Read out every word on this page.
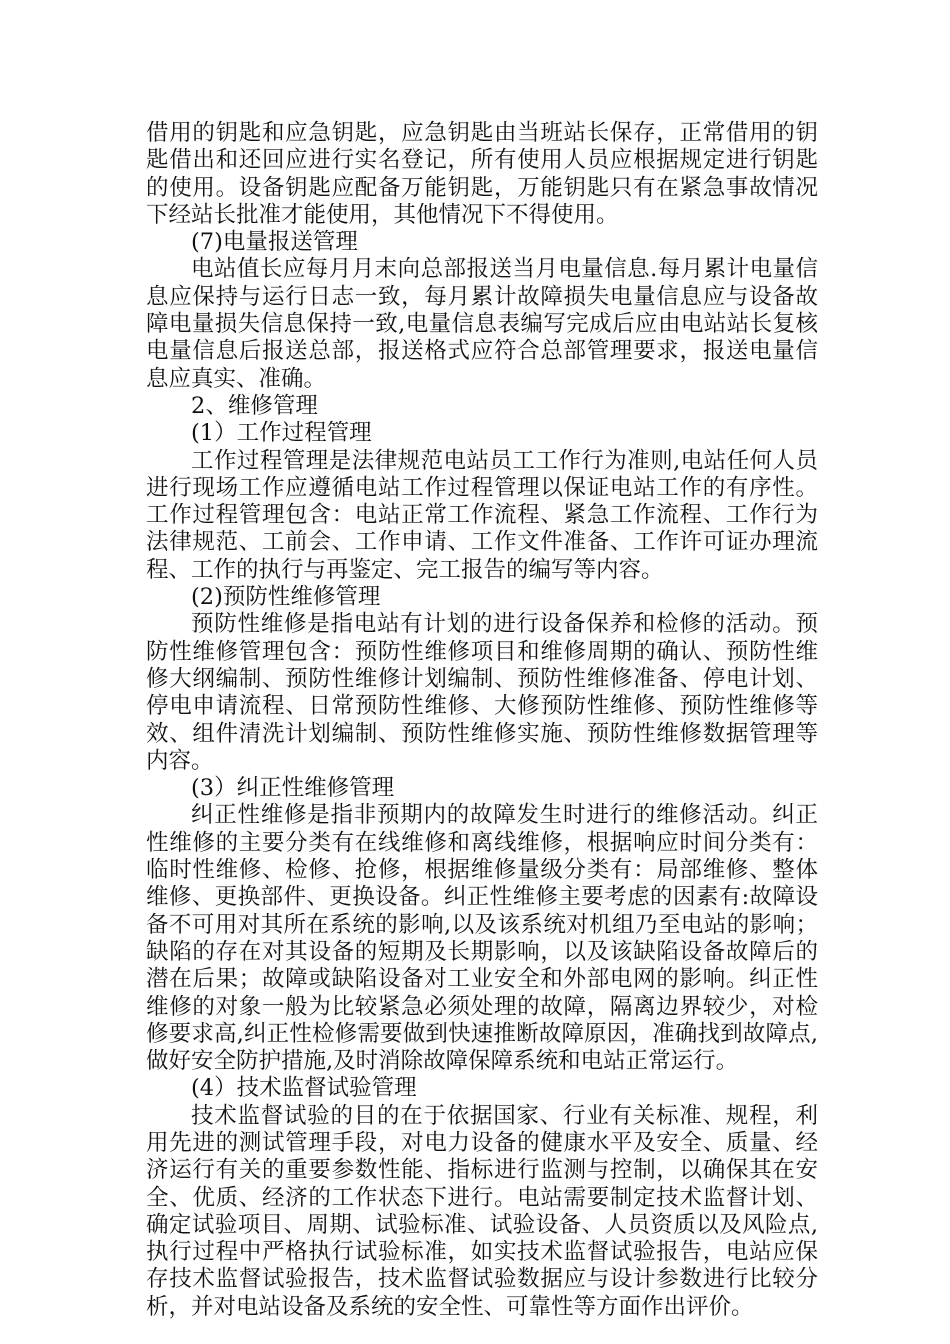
借用的钥匙和应急钥匙，应急钥匙由当班站长保存，正常借用的钥匙借出和还回应进行实名登记，所有使用人员应根据规定进行钥匙的使用。设备钥匙应配备万能钥匙，万能钥匙只有在紧急事故情况下经站长批准才能使用，其他情况下不得使用。

(7)电量报送管理

电站值长应每月月末向总部报送当月电量信息.每月累计电量信息应保持与运行日志一致，每月累计故障损失电量信息应与设备故障电量损失信息保持一致,电量信息表编写完成后应由电站站长复核电量信息后报送总部，报送格式应符合总部管理要求，报送电量信息应真实、准确。

2、维修管理

(1）工作过程管理

工作过程管理是法律规范电站员工工作行为准则,电站任何人员进行现场工作应遵循电站工作过程管理以保证电站工作的有序性。工作过程管理包含：电站正常工作流程、紧急工作流程、工作行为法律规范、工前会、工作申请、工作文件准备、工作许可证办理流程、工作的执行与再鉴定、完工报告的编写等内容。

(2)预防性维修管理

预防性维修是指电站有计划的进行设备保养和检修的活动。预防性维修管理包含：预防性维修项目和维修周期的确认、预防性维修大纲编制、预防性维修计划编制、预防性维修准备、停电计划、停电申请流程、日常预防性维修、大修预防性维修、预防性维修等效、组件清洗计划编制、预防性维修实施、预防性维修数据管理等内容。

(3）纠正性维修管理

纠正性维修是指非预期内的故障发生时进行的维修活动。纠正性维修的主要分类有在线维修和离线维修，根据响应时间分类有：临时性维修、检修、抢修，根据维修量级分类有：局部维修、整体维修、更换部件、更换设备。纠正性维修主要考虑的因素有:故障设备不可用对其所在系统的影响,以及该系统对机组乃至电站的影响；缺陷的存在对其设备的短期及长期影响，以及该缺陷设备故障后的潜在后果；故障或缺陷设备对工业安全和外部电网的影响。纠正性维修的对象一般为比较紧急必须处理的故障，隔离边界较少，对检修要求高,纠正性检修需要做到快速推断故障原因，准确找到故障点,做好安全防护措施,及时消除故障保障系统和电站正常运行。

(4）技术监督试验管理

技术监督试验的目的在于依据国家、行业有关标准、规程，利用先进的测试管理手段，对电力设备的健康水平及安全、质量、经济运行有关的重要参数性能、指标进行监测与控制，以确保其在安全、优质、经济的工作状态下进行。电站需要制定技术监督计划、确定试验项目、周期、试验标准、试验设备、人员资质以及风险点,执行过程中严格执行试验标准，如实技术监督试验报告，电站应保存技术监督试验报告，技术监督试验数据应与设计参数进行比较分析，并对电站设备及系统的安全性、可靠性等方面作出评价。
